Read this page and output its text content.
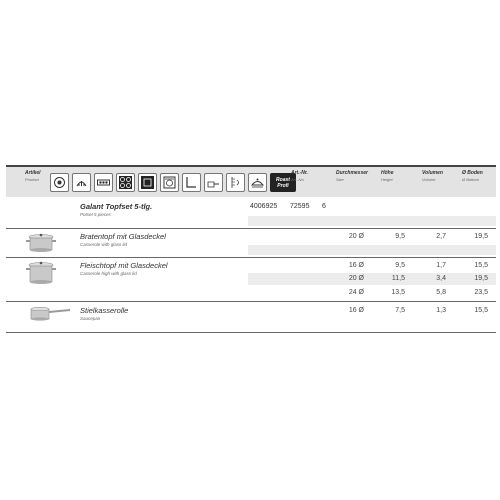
Artikel
Product	Roast Profi
Art.-Nr.
Art.-No.
Durchmesser
Size
Höhe
Height
Volumen
Volume
Ø Boden
Ø Bottom
Galant Topfset 5-tlg.
Potset 5 pieces
4006925 72595 6
Bratentopf mit Glasdeckel
Casserole with glass lid
20 Ø	9,5	2,7	19,5
Fleischtopf mit Glasdeckel
Casserole high with glass lid
16 Ø	9,5	1,7	15,5
20 Ø	11,5	3,4	19,5
24 Ø	13,5	5,8	23,5
Stielkasserolle
Saucepan
16 Ø	7,5	1,3	15,5
